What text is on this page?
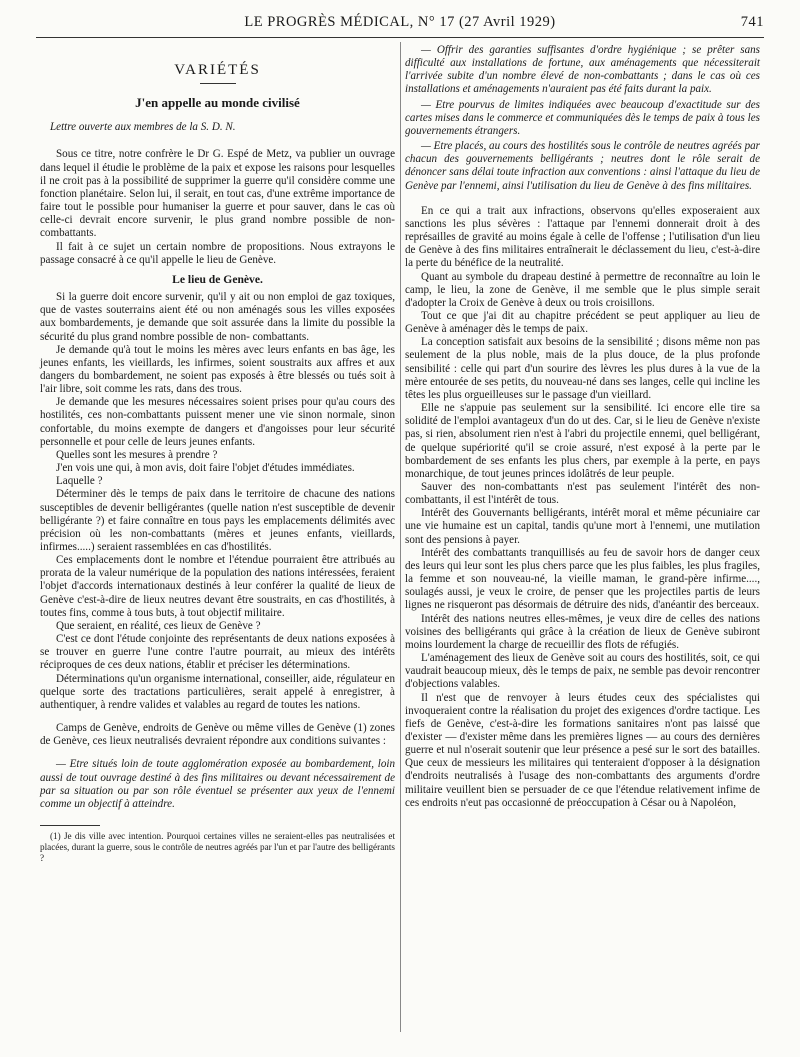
LE PROGRÈS MÉDICAL, N° 17 (27 Avril 1929)	741
VARIÉTÉS
J'en appelle au monde civilisé
Lettre ouverte aux membres de la S. D. N.

Sous ce titre, notre confrère le Dr G. Espé de Metz, va publier un ouvrage dans lequel il étudie le problème de la paix et expose les raisons pour lesquelles il ne croit pas à la possibilité de supprimer la guerre qu'il considère comme une fonction planétaire. Selon lui, il serait, en tout cas, d'une extrême importance de faire tout le possible pour humaniser la guerre et pour sauver, dans le cas où celle-ci devrait encore survenir, le plus grand nombre possible de non-combattants.

Il fait à ce sujet un certain nombre de propositions. Nous extrayons le passage consacré à ce qu'il appelle le lieu de Genève.

Le lieu de Genève.

Si la guerre doit encore survenir, qu'il y ait ou non emploi de gaz toxiques, que de vastes souterrains aient été ou non aménagés sous les villes exposées aux bombardements, je demande que soit assurée dans la limite du possible la sécurité du plus grand nombre possible de non- combattants.

Je demande qu'à tout le moins les mères avec leurs enfants en bas âge, les jeunes enfants, les vieillards, les infirmes, soient soustraits aux affres et aux dangers du bombardement, ne soient pas exposés à être blessés ou tués soit à l'air libre, soit comme les rats, dans des trous.

Je demande que les mesures nécessaires soient prises pour qu'au cours des hostilités, ces non-combattants puissent mener une vie sinon normale, sinon confortable, du moins exempte de dangers et d'angoisses pour leur sécurité personnelle et pour celle de leurs jeunes enfants.

Quelles sont les mesures à prendre ?

J'en vois une qui, à mon avis, doit faire l'objet d'études immédiates.

Laquelle ?

Déterminer dès le temps de paix dans le territoire de chacune des nations susceptibles de devenir belligérantes (quelle nation n'est susceptible de devenir belligérante ?) et faire connaître en tous pays les emplacements délimités avec précision où les non-combattants (mères et jeunes enfants, vieillards, infirmes.....) seraient rassemblées en cas d'hostilités.

Ces emplacements dont le nombre et l'étendue pourraient être attribués au prorata de la valeur numérique de la population des nations intéressées, feraient l'objet d'accords internationaux destinés à leur conférer la qualité de lieux de Genève c'est-à-dire de lieux neutres devant être soustraits, en cas d'hostilités, à toutes fins, comme à tous buts, à tout objectif militaire.

Que seraient, en réalité, ces lieux de Genève ?

C'est ce dont l'étude conjointe des représentants de deux nations exposées à se trouver en guerre l'une contre l'autre pourrait, au mieux des intérêts réciproques de ces deux nations, établir et préciser les déterminations.

Déterminations qu'un organisme international, conseiller, aide, régulateur en quelque sorte des tractations particulières, serait appelé à enregistrer, à authentiquer, à rendre valides et valables au regard de toutes les nations.

Camps de Genève, endroits de Genève ou même villes de Genève (1) zones de Genève, ces lieux neutralisés devraient répondre aux conditions suivantes :

— Etre situés loin de toute agglomération exposée au bombardement, loin aussi de tout ouvrage destiné à des fins militaires ou devant nécessairement de par sa situation ou par son rôle éventuel se présenter aux yeux de l'ennemi comme un objectif à atteindre.

(1) Je dis ville avec intention. Pourquoi certaines villes ne seraient-elles pas neutralisées et placées, durant la guerre, sous le contrôle de neutres agréés par l'un et par l'autre des belligérants ?

— Offrir des garanties suffisantes d'ordre hygiénique ; se prêter sans difficulté aux installations de fortune, aux aménagements que nécessiterait l'arrivée subite d'un nombre élevé de non-combattants ; dans le cas où ces installations et aménagements n'auraient pas été faits durant la paix.

— Etre pourvus de limites indiquées avec beaucoup d'exactitude sur des cartes mises dans le commerce et communiquées dès le temps de paix à tous les gouvernements étrangers.

— Etre placés, au cours des hostilités sous le contrôle de neutres agréés par chacun des gouvernements belligérants ; neutres dont le rôle serait de dénoncer sans délai toute infraction aux conventions : ainsi l'attaque du lieu de Genève par l'ennemi, ainsi l'utilisation du lieu de Genève à des fins militaires.

En ce qui a trait aux infractions, observons qu'elles exposeraient aux sanctions les plus sévères : l'attaque par l'ennemi donnerait droit à des représailles de gravité au moins égale à celle de l'offense ; l'utilisation d'un lieu de Genève à des fins militaires entraînerait le déclassement du lieu, c'est-à-dire la perte du bénéfice de la neutralité.

Quant au symbole du drapeau destiné à permettre de reconnaître au loin le camp, le lieu, la zone de Genève, il me semble que le plus simple serait d'adopter la Croix de Genève à deux ou trois croisillons.

Tout ce que j'ai dit au chapitre précédent se peut appliquer au lieu de Genève à aménager dès le temps de paix.

La conception satisfait aux besoins de la sensibilité ; disons même non pas seulement de la plus noble, mais de la plus douce, de la plus profonde sensibilité : celle qui part d'un sourire des lèvres les plus dures à la vue de la mère entourée de ses petits, du nouveau-né dans ses langes, celle qui incline les têtes les plus orgueilleuses sur le passage d'un vieillard.

Elle ne s'appuie pas seulement sur la sensibilité. Ici encore elle tire sa solidité de l'emploi avantageux d'un do ut des. Car, si le lieu de Genève n'existe pas, si rien, absolument rien n'est à l'abri du projectile ennemi, quel belligérant, de quelque supériorité qu'il se croie assuré, n'est exposé à la perte par le bombardement de ses enfants les plus chers, par exemple à la perte, en pays monarchique, de tout jeunes princes idolâtrés de leur peuple.

Sauver des non-combattants n'est pas seulement l'intérêt des non-combattants, il est l'intérêt de tous.

Intérêt des Gouvernants belligérants, intérêt moral et même pécuniaire car une vie humaine est un capital, tandis qu'une mort à l'ennemi, une mutilation sont des pensions à payer.

Intérêt des combattants tranquillisés au feu de savoir hors de danger ceux des leurs qui leur sont les plus chers parce que les plus faibles, les plus fragiles, la femme et son nouveau-né, la vieille maman, le grand-père infirme...., soulagés aussi, je veux le croire, de penser que les projectiles partis de leurs lignes ne risqueront pas désormais de détruire des nids, d'anéantir des berceaux.

Intérêt des nations neutres elles-mêmes, je veux dire de celles des nations voisines des belligérants qui grâce à la création de lieux de Genève subiront moins lourdement la charge de recueillir des flots de réfugiés.

L'aménagement des lieux de Genève soit au cours des hostilités, soit, ce qui vaudrait beaucoup mieux, dès le temps de paix, ne semble pas devoir rencontrer d'objections valables.

Il n'est que de renvoyer à leurs études ceux des spécialistes qui invoqueraient contre la réalisation du projet des exigences d'ordre tactique. Les fiefs de Genève, c'est-à-dire les formations sanitaires n'ont pas laissé que d'exister — d'exister même dans les premières lignes — au cours des dernières guerre et nul n'oserait soutenir que leur présence a pesé sur le sort des batailles. Que ceux de messieurs les militaires qui tenteraient d'opposer à la désignation d'endroits neutralisés à l'usage des non-combattants des arguments d'ordre militaire veuillent bien se persuader de ce que l'étendue relativement infime de ces endroits n'eut pas occasionné de préoccupation à César ou à Napoléon,
